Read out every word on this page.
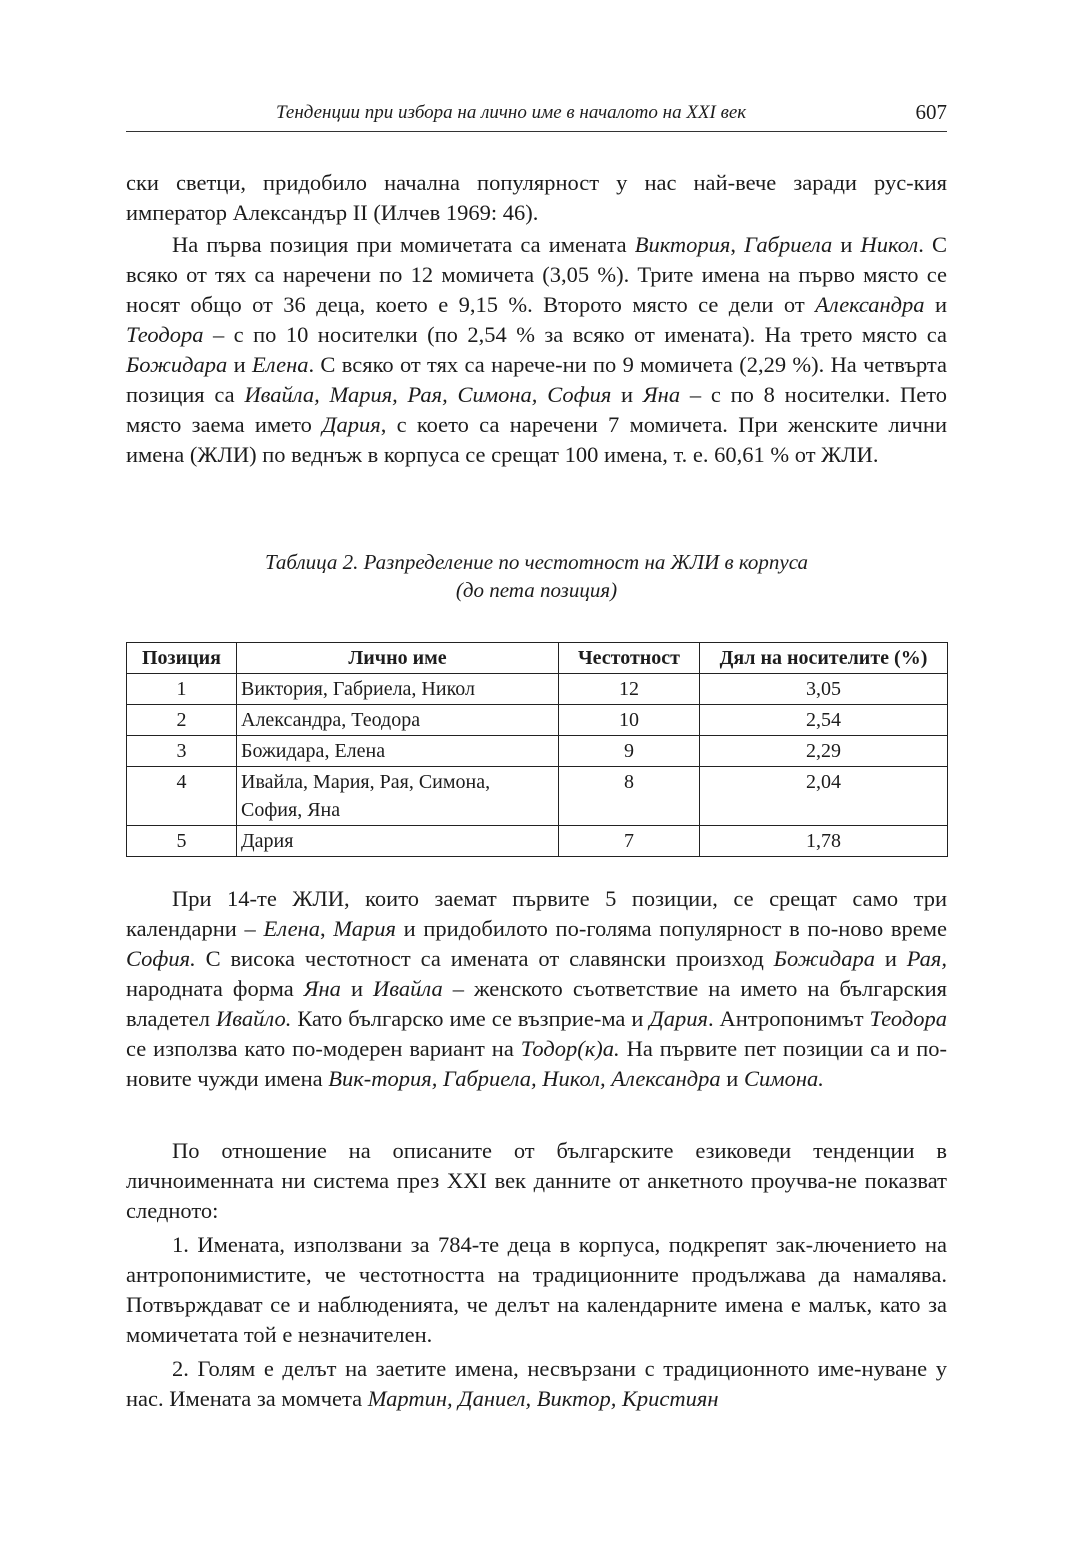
Тенденции при избора на лично име в началото на XXI век	607

ски светци, придобило начална популярност у нас най-вече заради рус-кия император Александър II (Илчев 1969: 46).

На първа позиция при момичетата са имената Виктория, Габриела и Никол. С всяко от тях са наречени по 12 момичета (3,05 %). Трите имена на първо място се носят общо от 36 деца, което е 9,15 %. Второто място се дели от Александра и Теодора – с по 10 носителки (по 2,54 % за всяко от имената). На трето място са Божидара и Елена. С всяко от тях са нарече-ни по 9 момичета (2,29 %). На четвърта позиция са Ивайла, Мария, Рая, Симона, София и Яна – с по 8 носителки. Пето място заема името Дария, с което са наречени 7 момичета. При женските лични имена (ЖЛИ) по веднъж в корпуса се срещат 100 имена, т. е. 60,61 % от ЖЛИ.

Таблица 2. Разпределение по честотност на ЖЛИ в корпуса
(до пета позиция)
Позиция	Лично име	Честотност	Дял на носителите (%)
1	Виктория, Габриела, Никол	12	3,05
2	Александра, Теодора	10	2,54
3	Божидара, Елена	9	2,29
4	Ивайла, Мария, Рая, Симона, София, Яна	8	2,04
5	Дария	7	1,78

При 14-те ЖЛИ, които заемат първите 5 позиции, се срещат само три календарни – Елена, Мария и придобилото по-голяма популярност в по-ново време София. С висока честотност са имената от славянски произход Божидара и Рая, народната форма Яна и Ивайла – женското съответствие на името на българския владетел Ивайло. Като българско име се възприе-ма и Дария. Антропонимът Теодора се използва като по-модерен вариант на Тодор(к)а. На първите пет позиции са и по-новите чужди имена Вик-тория, Габриела, Никол, Александра и Симона.

По отношение на описаните от българските езиковеди тенденции в личноименната ни система през XXI век данните от анкетното проучва-не показват следното:

1. Имената, използвани за 784-те деца в корпуса, подкрепят зак-лючението на антропонимистите, че честотността на традиционните продължава да намалява. Потвърждават се и наблюденията, че делът на календарните имена е малък, като за момичетата той е незначителен.

2. Голям е делът на заетите имена, несвързани с традиционното име-нуване у нас. Имената за момчета Мартин, Даниел, Виктор, Кристиян
